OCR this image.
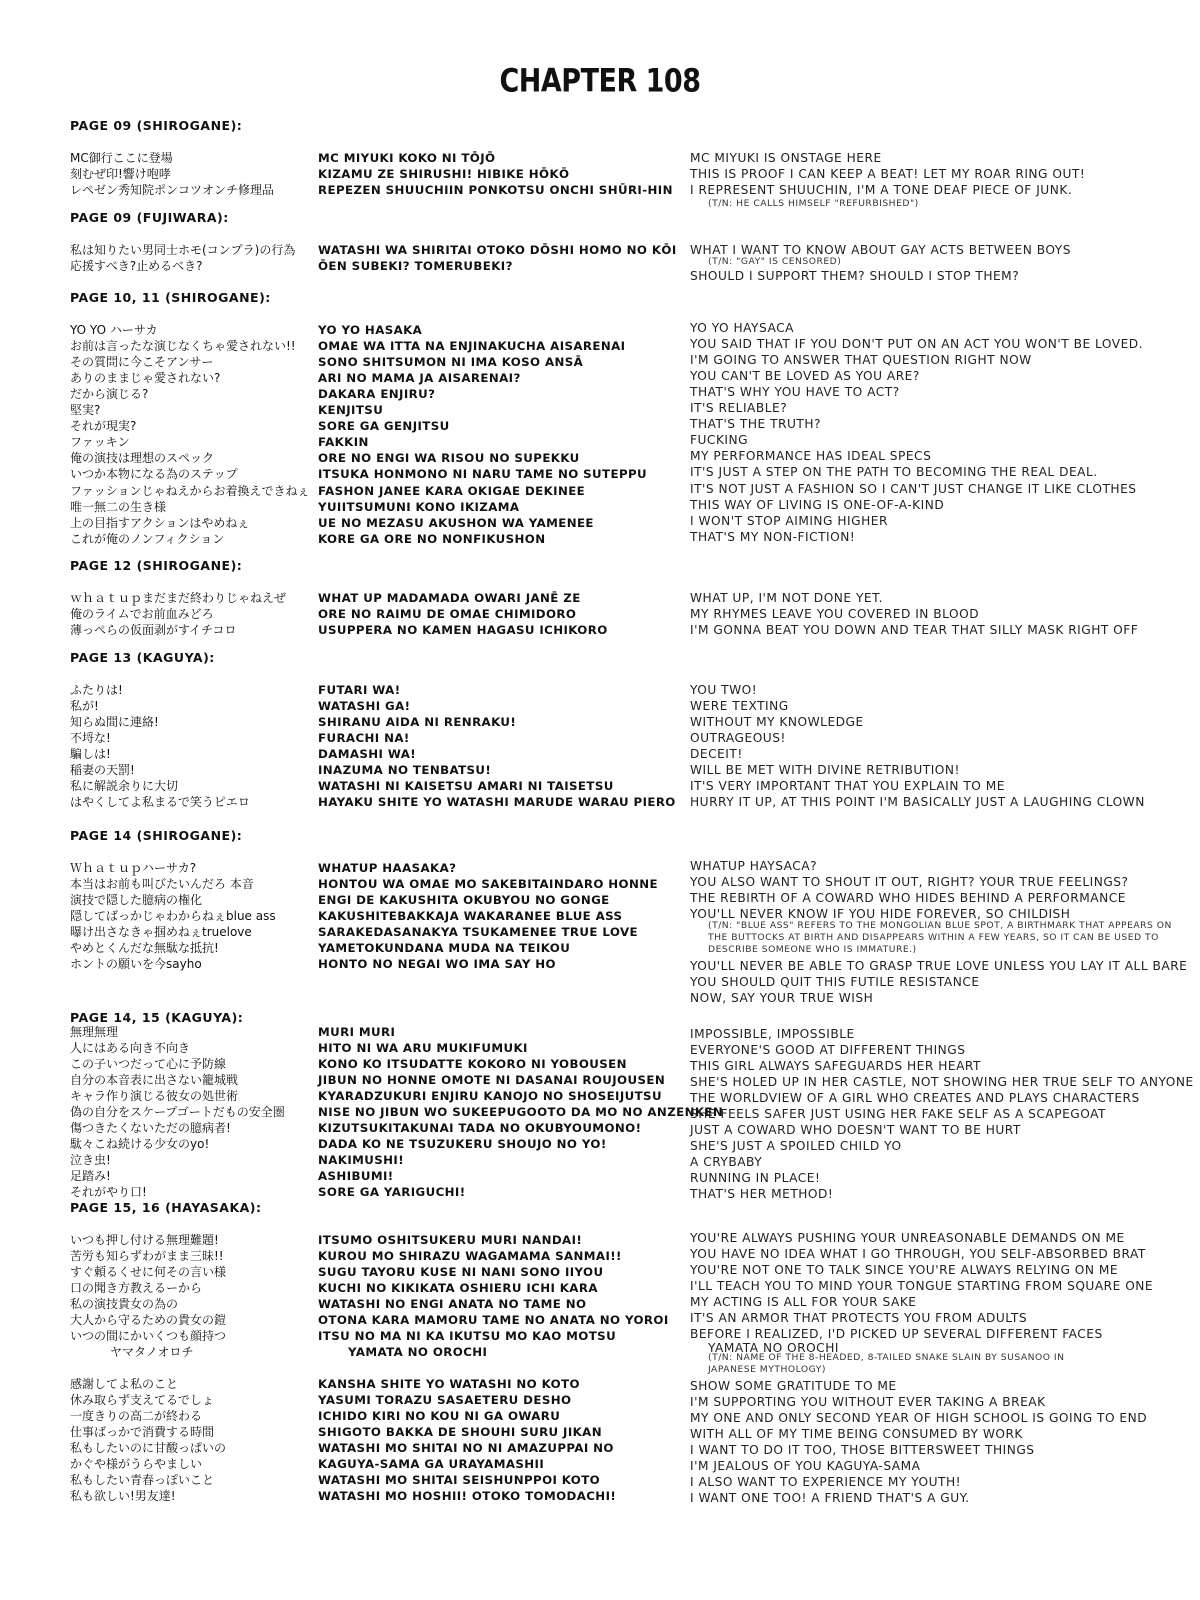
CHAPTER 108
PAGE 09 (SHIROGANE):
MC御行ここに登場
刻むぜ印!響け咆哮
レペゼン秀知院ポンコツオンチ修理品
MC MIYUKI KOKO NI TŌJŌ
KIZAMU ZE SHIRUSHI! HIBIKE HŌKŌ
REPEZEN SHUUCHIIN PONKOTSU ONCHI SHŪRI-HIN
MC MIYUKI IS ONSTAGE HERE
THIS IS PROOF I CAN KEEP A BEAT! LET MY ROAR RING OUT!
I REPRESENT SHUUCHIN, I'M A TONE DEAF PIECE OF JUNK.
(T/N: HE CALLS HIMSELF "REFURBISHED")
PAGE 09 (FUJIWARA):
私は知りたい男同士ホモ(コンプラ)の行為
応援すべき?止めるべき?
WATASHI WA SHIRITAI OTOKO DŌSHI HOMO NO KŌI
ŌEN SUBEKI? TOMERUBEKI?
WHAT I WANT TO KNOW ABOUT GAY ACTS BETWEEN BOYS
(T/N: "GAY" IS CENSORED)
SHOULD I SUPPORT THEM? SHOULD I STOP THEM?
PAGE 10, 11 (SHIROGANE):
YO YO ハーサカ
お前は言ったな演じなくちゃ愛されない!!
その質問に今こそアンサー
ありのままじゃ愛されない?
だから演じる?
堅実?
それが現実?
ファッキン
俺の演技は理想のスペック
いつか本物になる為のステップ
ファッションじゃねえからお着換えできねぇ
唯一無二の生き様
上の目指すアクションはやめねぇ
これが俺のノンフィクション
YO YO HASAKA
OMAE WA ITTA NA ENJINAKUCHA AISARENAI
SONO SHITSUMON NI IMA KOSO ANSĀ
ARI NO MAMA JA AISARENAI?
DAKARA ENJIRU?
KENJITSU
SORE GA GENJITSU
FAKKIN
ORE NO ENGI WA RISOU NO SUPEKKU
ITSUKA HONMONO NI NARU TAME NO SUTEPPU
FASHON JANEE KARA OKIGAE DEKINEE
YUIITSUMUNI KONO IKIZAMA
UE NO MEZASU AKUSHON WA YAMENEE
KORE GA ORE NO NONFIKUSHON
YO YO HAYSACA
YOU SAID THAT IF YOU DON'T PUT ON AN ACT YOU WON'T BE LOVED.
I'M GOING TO ANSWER THAT QUESTION RIGHT NOW
YOU CAN'T BE LOVED AS YOU ARE?
THAT'S WHY YOU HAVE TO ACT?
IT'S RELIABLE?
THAT'S THE TRUTH?
FUCKING
MY PERFORMANCE HAS IDEAL SPECS
IT'S JUST A STEP ON THE PATH TO BECOMING THE REAL DEAL.
IT'S NOT JUST A FASHION SO I CAN'T JUST CHANGE IT LIKE CLOTHES
THIS WAY OF LIVING IS ONE-OF-A-KIND
I WON'T STOP AIMING HIGHER
THAT'S MY NON-FICTION!
PAGE 12 (SHIROGANE):
ｗｈａｔｕｐまだまだ終わりじゃねえぜ
俺のライムでお前血みどろ
薄っぺらの仮面剥がすイチコロ
WHAT UP MADAMADA OWARI JANĒ ZE
ORE NO RAIMU DE OMAE CHIMIDORO
USUPPERA NO KAMEN HAGASU ICHIKORO
WHAT UP, I'M NOT DONE YET.
MY RHYMES LEAVE YOU COVERED IN BLOOD
I'M GONNA BEAT YOU DOWN AND TEAR THAT SILLY MASK RIGHT OFF
PAGE 13 (KAGUYA):
ふたりは!
私が!
知らぬ間に連絡!
不埒な!
騙しは!
稲妻の天罰!
私に解説余りに大切
はやくしてよ私まるで笑うピエロ
FUTARI WA!
WATASHI GA!
SHIRANU AIDA NI RENRAKU!
FURACHI NA!
DAMASHI WA!
INAZUMA NO TENBATSU!
WATASHI NI KAISETSU AMARI NI TAISETSU
HAYAKU SHITE YO WATASHI MARUDE WARAU PIERO
YOU TWO!
WERE TEXTING
WITHOUT MY KNOWLEDGE
OUTRAGEOUS!
DECEIT!
WILL BE MET WITH DIVINE RETRIBUTION!
IT'S VERY IMPORTANT THAT YOU EXPLAIN TO ME
HURRY IT UP, AT THIS POINT I'M BASICALLY JUST A LAUGHING CLOWN
PAGE 14 (SHIROGANE):
Ｗｈａｔｕｐハーサカ?
本当はお前も叫びたいんだろ 本音
演技で隠した臆病の権化
隠してばっかじゃわからねぇblue ass
曝け出さなきゃ掴めねぇtruelove
やめとくんだな無駄な抵抗!
ホントの願いを今sayho
WHATUP HAASAKA?
HONTOU WA OMAE MO SAKEBITAINDARO HONNE
ENGI DE KAKUSHITA OKUBYOU NO GONGE
KAKUSHITEBAKKAJA WAKARANEE BLUE ASS
SARAKEDASANAKYA TSUKAMENEE TRUE LOVE
YAMETOKUNDANA MUDA NA TEIKOU
HONTO NO NEGAI WO IMA SAY HO
WHATUP HAYSACA?
YOU ALSO WANT TO SHOUT IT OUT, RIGHT? YOUR TRUE FEELINGS?
THE REBIRTH OF A COWARD WHO HIDES BEHIND A PERFORMANCE
YOU'LL NEVER KNOW IF YOU HIDE FOREVER, SO CHILDISH
(T/N: "BLUE ASS" REFERS TO THE MONGOLIAN BLUE SPOT, A BIRTHMARK THAT APPEARS ON
THE BUTTOCKS AT BIRTH AND DISAPPEARS WITHIN A FEW YEARS, SO IT CAN BE USED TO
DESCRIBE SOMEONE WHO IS IMMATURE.)
YOU'LL NEVER BE ABLE TO GRASP TRUE LOVE UNLESS YOU LAY IT ALL BARE
YOU SHOULD QUIT THIS FUTILE RESISTANCE
NOW, SAY YOUR TRUE WISH
PAGE 14, 15 (KAGUYA):
無理無理
人にはある向き不向き
この子いつだって心に予防線
自分の本音表に出さない籠城戦
キャラ作り演じる彼女の処世術
偽の自分をスケープゴートだもの安全圏
傷つきたくないただの臆病者!
駄々こね続ける少女のyo!
泣き虫!
足踏み!
それがやり口!
MURI MURI
HITO NI WA ARU MUKIFUMUKI
KONO KO ITSUDATTE KOKORO NI YOBOUSEN
JIBUN NO HONNE OMOTE NI DASANAI ROUJOUSEN
KYARADZUKURI ENJIRU KANOJO NO SHOSEIJUTSU
NISE NO JIBUN WO SUKEEPUGOOTO DA MO NO ANZENKEN
KIZUTSUKITAKUNAI TADA NO OKUBYOUMONO!
DADA KO NE TSUZUKERU SHOUJO NO YO!
NAKIMUSHI!
ASHIBUMI!
SORE GA YARIGUCHI!
IMPOSSIBLE, IMPOSSIBLE
EVERYONE'S GOOD AT DIFFERENT THINGS
THIS GIRL ALWAYS SAFEGUARDS HER HEART
SHE'S HOLED UP IN HER CASTLE, NOT SHOWING HER TRUE SELF TO ANYONE
THE WORLDVIEW OF A GIRL WHO CREATES AND PLAYS CHARACTERS
SHE FEELS SAFER JUST USING HER FAKE SELF AS A SCAPEGOAT
JUST A COWARD WHO DOESN'T WANT TO BE HURT
SHE'S JUST A SPOILED CHILD YO
A CRYBABY
RUNNING IN PLACE!
THAT'S HER METHOD!
PAGE 15, 16 (HAYASAKA):
いつも押し付ける無理難題!
苦労も知らずわがまま三昧!!
すぐ頼るくせに何その言い様
口の聞き方教えるーから
私の演技貴女の為の
大人から守るための貴女の鎧
いつの間にかいくつも顔持つ
ヤマタノオロチ
感謝してよ私のこと
休み取らず支えてるでしょ
一度きりの高二が終わる
仕事ばっかで消費する時間
私もしたいのに甘酸っぱいの
かぐや様がうらやましい
私もしたい青春っぽいこと
私も欲しい!男友達!
ITSUMO OSHITSUKERU MURI NANDAI!
KUROU MO SHIRAZU WAGAMAMA SANMAI!!
SUGU TAYORU KUSE NI NANI SONO IIYOU
KUCHI NO KIKIKATA OSHIERU ICHI KARA
WATASHI NO ENGI ANATA NO TAME NO
OTONA KARA MAMORU TAME NO ANATA NO YOROI
ITSU NO MA NI KA IKUTSU MO KAO MOTSU
YAMATA NO OROCHI
KANSHA SHITE YO WATASHI NO KOTO
YASUMI TORAZU SASAETERU DESHO
ICHIDO KIRI NO KOU NI GA OWARU
SHIGOTO BAKKA DE SHOUHI SURU JIKAN
WATASHI MO SHITAI NO NI AMAZUPPAI NO
KAGUYA-SAMA GA URAYAMASHII
WATASHI MO SHITAI SEISHUNPPOI KOTO
WATASHI MO HOSHII! OTOKO TOMODACHI!
YOU'RE ALWAYS PUSHING YOUR UNREASONABLE DEMANDS ON ME
YOU HAVE NO IDEA WHAT I GO THROUGH, YOU SELF-ABSORBED BRAT
YOU'RE NOT ONE TO TALK SINCE YOU'RE ALWAYS RELYING ON ME
I'LL TEACH YOU TO MIND YOUR TONGUE STARTING FROM SQUARE ONE
MY ACTING IS ALL FOR YOUR SAKE
IT'S AN ARMOR THAT PROTECTS YOU FROM ADULTS
BEFORE I REALIZED, I'D PICKED UP SEVERAL DIFFERENT FACES
YAMATA NO OROCHI
(T/N: NAME OF THE 8-HEADED, 8-TAILED SNAKE SLAIN BY SUSANOO IN
JAPANESE MYTHOLOGY)
SHOW SOME GRATITUDE TO ME
I'M SUPPORTING YOU WITHOUT EVER TAKING A BREAK
MY ONE AND ONLY SECOND YEAR OF HIGH SCHOOL IS GOING TO END
WITH ALL OF MY TIME BEING CONSUMED BY WORK
I WANT TO DO IT TOO, THOSE BITTERSWEET THINGS
I'M JEALOUS OF YOU KAGUYA-SAMA
I ALSO WANT TO EXPERIENCE MY YOUTH!
I WANT ONE TOO! A FRIEND THAT'S A GUY.
